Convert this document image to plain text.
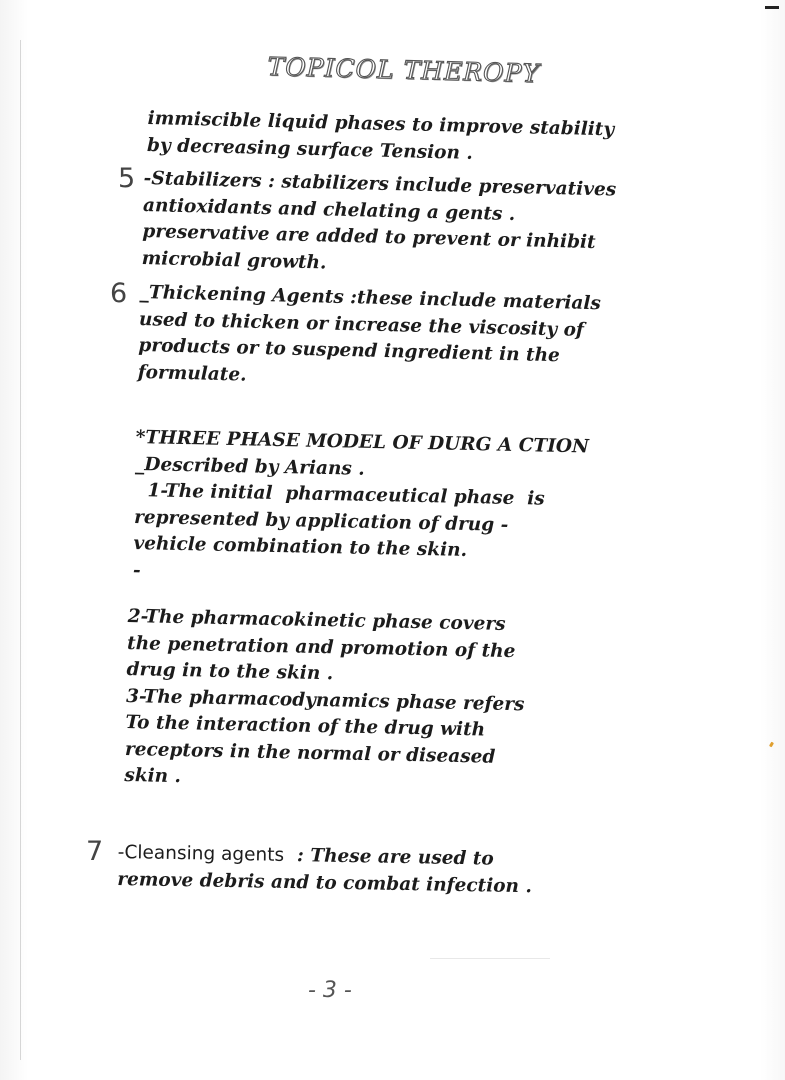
TOPICOL THEROPY
immiscible liquid phases to improve stability
by decreasing surface Tension .
5 -Stabilizers : stabilizers include preservatives
antioxidants and chelating a gents .
preservative are added to prevent or inhibit
microbial growth.
6 _Thickening Agents :these include materials
used to thicken or increase the viscosity of
products or to suspend ingredient in the
formulate.
*THREE PHASE MODEL OF DURG A CTION
_Described by Arians .
1-The initial  pharmaceutical phase  is
represented by application of drug -
vehicle combination to the skin.
-
2-The pharmacokinetic phase covers
the penetration and promotion of the
drug in to the skin .
3-The pharmacodynamics phase refers
To the interaction of the drug with
receptors in the normal or diseased
skin .
7 -Cleansing agents  : These are used to
remove debris and to combat infection .
- 3 -
